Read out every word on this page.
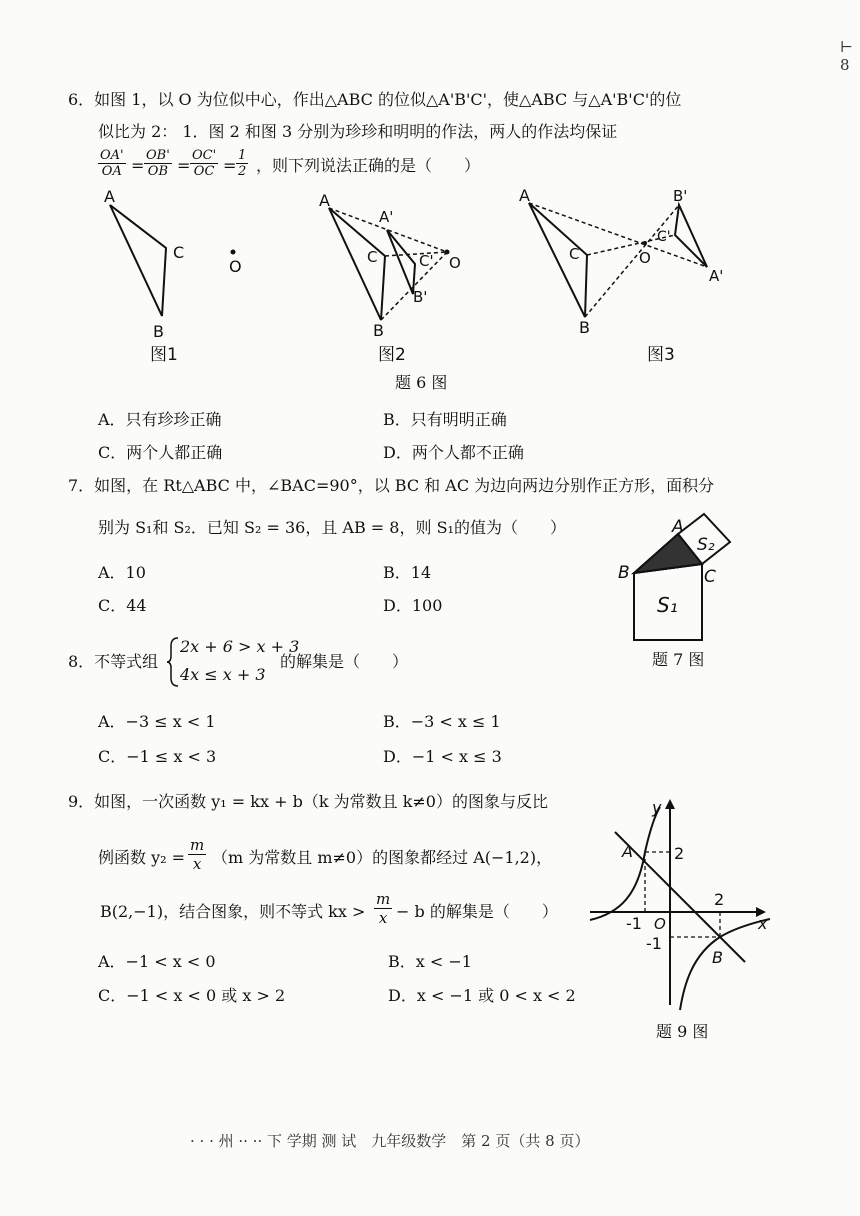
⊢ 8
6．如图 1，以 O 为位似中心，作出△ABC 的位似△A'B'C'，使△ABC 与△A'B'C'的位
似比为 2： 1．图 2 和图 3 分别为珍珍和明明的作法，两人的作法均保证
$\frac{OA'}{OA} = \frac{OB'}{OB} = \frac{OC'}{OC} = \frac{1}{2}$ ，则下列说法正确的是（　　）
A
C
B
O
图1
A
C
B
A'
C'
B'
O
图2
题 6 图
A
C
B
B'
C'
A'
O
图3
A．只有珍珍正确	B．只有明明正确
C．两个人都正确	D．两个人都不正确
7．如图，在 Rt△ABC 中，∠BAC=90°，以 BC 和 AC 为边向两边分别作正方形，面积分
别为 S₁和 S₂．已知 S₂ = 36，且 AB = 8，则 S₁的值为（　　）
A．10	B．14
C．44	D．100
A
B	C
S₂
S₁
题 7 图
8．不等式组
2x + 6 > x + 3
4x ≤ x + 3
的解集是（　　）
A．−3 ≤ x < 1	B．−3 < x ≤ 1
C．−1 ≤ x < 3	D．−1 < x ≤ 3
9．如图，一次函数 y₁ = kx + b（k 为常数且 k≠0）的图象与反比
例函数 $y_2 = \frac{m}{x} (m$ 为常数且 m≠0）的图象都经过 A(−1,2)，
B(2,−1)，结合图象，则不等式 kx > $\frac{m}{x} - b$ 的解集是（　　）
A．−1 < x < 0	B．x < −1
C．−1 < x < 0 或 x > 2	D．x < −1 或 0 < x < 2
x
y
O
A
B
2
2
-1
-1
题 9 图
· · · 州 ·· ·· 下 学期 测 试　九年级数学　第 2 页（共 8 页）
